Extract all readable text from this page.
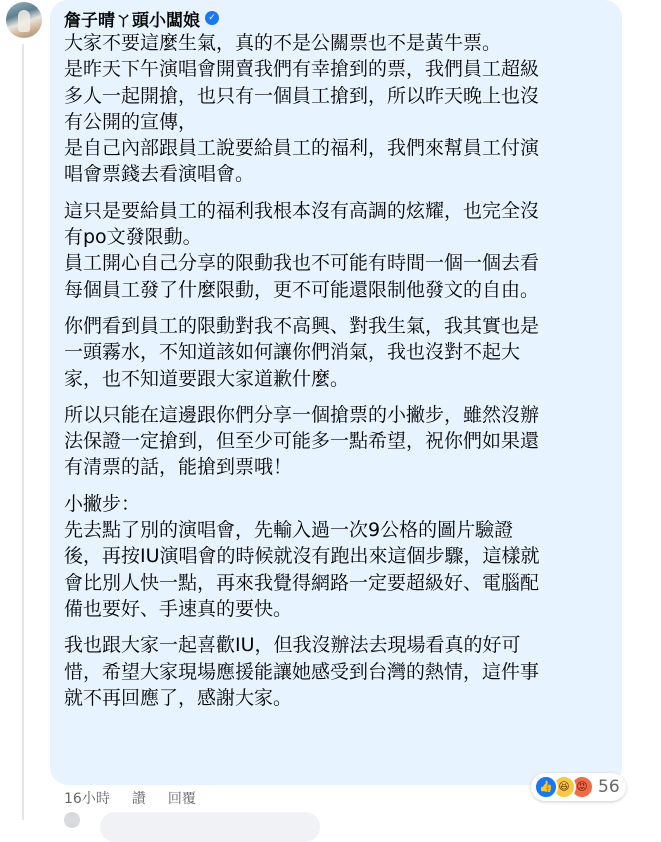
詹子晴ㄚ頭小闆娘 ✓

大家不要這麼生氣，真的不是公關票也不是黃牛票。
是昨天下午演唱會開賣我們有幸搶到的票，我們員工超級
多人一起開搶，也只有一個員工搶到，所以昨天晚上也沒
有公開的宣傳，
是自己內部跟員工說要給員工的福利，我們來幫員工付演
唱會票錢去看演唱會。

這只是要給員工的福利我根本沒有高調的炫耀，也完全沒
有po文發限動。
員工開心自己分享的限動我也不可能有時間一個一個去看
每個員工發了什麼限動，更不可能還限制他發文的自由。

你們看到員工的限動對我不高興、對我生氣，我其實也是
一頭霧水，不知道該如何讓你們消氣，我也沒對不起大
家，也不知道要跟大家道歉什麼。

所以只能在這邊跟你們分享一個搶票的小撇步，雖然沒辦
法保證一定搶到，但至少可能多一點希望，祝你們如果還
有清票的話，能搶到票哦！

小撇步：
先去點了別的演唱會，先輸入過一次9公格的圖片驗證
後，再按IU演唱會的時候就沒有跑出來這個步驟，這樣就
會比別人快一點，再來我覺得網路一定要超級好、電腦配
備也要好、手速真的要快。

我也跟大家一起喜歡IU，但我沒辦法去現場看真的好可
惜，希望大家現場應援能讓她感受到台灣的熱情，這件事
就不再回應了，感謝大家。

👍 😆 😡 56
16小時 讚 回覆
